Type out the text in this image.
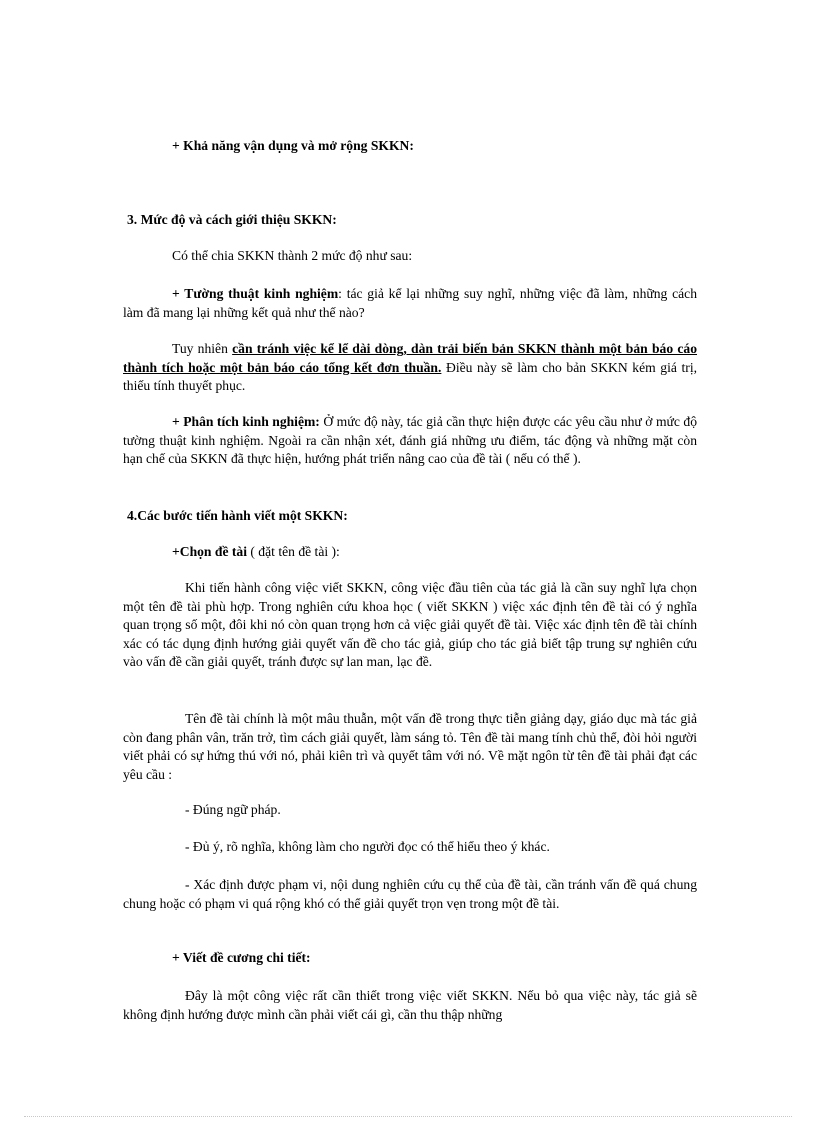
+ Khả năng vận dụng và mở rộng SKKN:

3. Mức độ và cách giới thiệu SKKN:

Có thể chia SKKN thành 2 mức độ như sau:

+ Tường thuật kinh nghiệm: tác giả kể lại những suy nghĩ, những việc đã làm, những cách làm đã mang lại những kết quả như thế nào?

Tuy nhiên cần tránh việc kể lể dài dòng, dàn trải biến bản SKKN thành một bản báo cáo thành tích hoặc một bản báo cáo tổng kết đơn thuần. Điều này sẽ làm cho bản SKKN kém giá trị, thiếu tính thuyết phục.

+ Phân tích kinh nghiệm: Ở mức độ này, tác giả cần thực hiện được các yêu cầu như ở mức độ tường thuật kinh nghiệm. Ngoài ra cần nhận xét, đánh giá những ưu điểm, tác động và những mặt còn hạn chế của SKKN đã thực hiện, hướng phát triển nâng cao của đề tài ( nếu có thể ).

4.Các bước tiến hành viết một SKKN:

+Chọn đề tài ( đặt tên đề tài ):

Khi tiến hành công việc viết SKKN, công việc đầu tiên của tác giả là cần suy nghĩ lựa chọn một tên đề tài phù hợp. Trong nghiên cứu khoa học ( viết SKKN ) việc xác định tên đề tài có ý nghĩa quan trọng số một, đôi khi nó còn quan trọng hơn cả việc giải quyết đề tài. Việc xác định tên đề tài chính xác có tác dụng định hướng giải quyết vấn đề cho tác giả, giúp cho tác giả biết tập trung sự nghiên cứu vào vấn đề cần giải quyết, tránh được sự lan man, lạc đề.

Tên đề tài chính là một mâu thuẫn, một vấn đề trong thực tiễn giảng dạy, giáo dục mà tác giả còn đang phân vân, trăn trở, tìm cách giải quyết, làm sáng tỏ. Tên đề tài mang tính chủ thể, đòi hỏi người viết phải có sự hứng thú với nó, phải kiên trì và quyết tâm với nó. Về mặt ngôn từ tên đề tài phải đạt các yêu cầu :

- Đúng ngữ pháp.

- Đủ ý, rõ nghĩa, không làm cho người đọc có thể hiểu theo ý khác.

- Xác định được phạm vi, nội dung nghiên cứu cụ thể của đề tài, cần tránh vấn đề quá chung chung hoặc có phạm vi quá rộng khó có thể giải quyết trọn vẹn trong một đề tài.

+ Viết đề cương chi tiết:

Đây là một công việc rất cần thiết trong việc viết SKKN. Nếu bỏ qua việc này, tác giả sẽ không định hướng được mình cần phải viết cái gì, cần thu thập những
